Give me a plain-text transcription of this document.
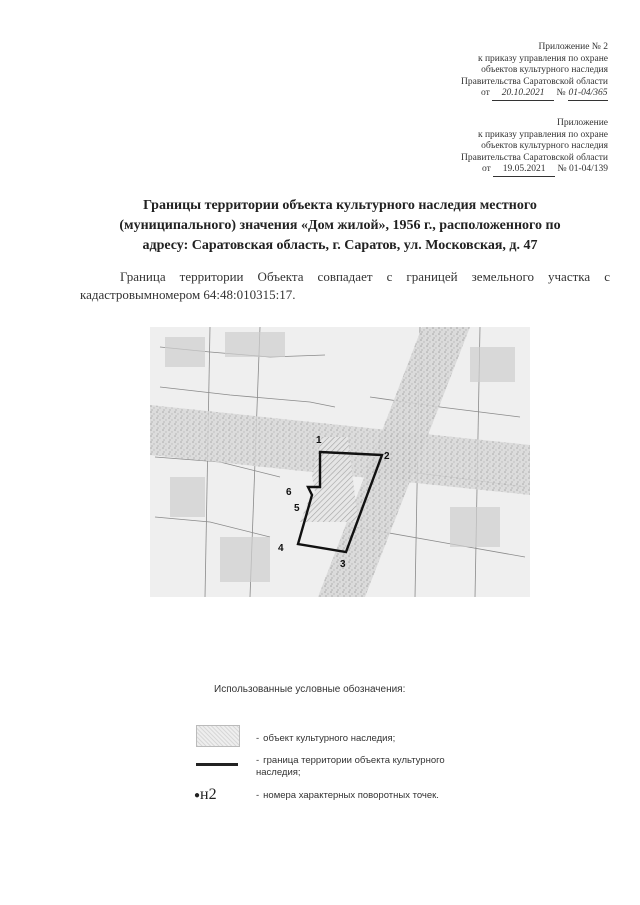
Приложение № 2
к приказу управления по охране
объектов культурного наследия
Правительства Саратовской области
от 20.10.2021 № 01-04/365
Приложение
к приказу управления по охране
объектов культурного наследия
Правительства Саратовской области
от 19.05.2021 № 01-04/139
Границы территории объекта культурного наследия местного (муниципального) значения «Дом жилой», 1956 г., расположенного по адресу: Саратовская область, г. Саратов, ул. Московская, д. 47
Граница территории Объекта совпадает с границей земельного участка с кадастровымномером 64:48:010315:17.
1
2
3
4
5
6
Использованные условные обозначения:
- объект культурного наследия;
- граница территории объекта культурного наследия;
●н2	- номера характерных поворотных точек.
